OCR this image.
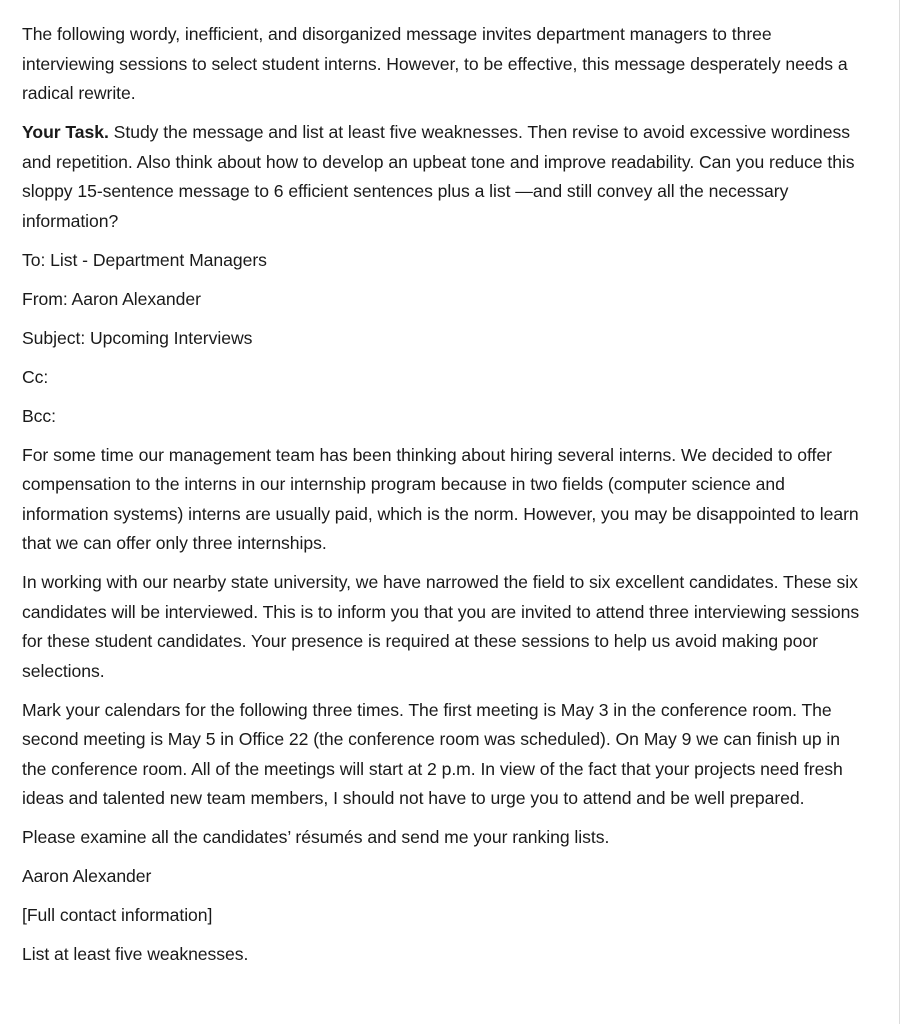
The following wordy, inefficient, and disorganized message invites department managers to three interviewing sessions to select student interns. However, to be effective, this message desperately needs a radical rewrite.

Your Task. Study the message and list at least five weaknesses. Then revise to avoid excessive wordiness and repetition. Also think about how to develop an upbeat tone and improve readability. Can you reduce this sloppy 15-sentence message to 6 efficient sentences plus a list —and still convey all the necessary information?

To: List - Department Managers

From: Aaron Alexander

Subject: Upcoming Interviews

Cc:

Bcc:

For some time our management team has been thinking about hiring several interns. We decided to offer compensation to the interns in our internship program because in two fields (computer science and information systems) interns are usually paid, which is the norm. However, you may be disappointed to learn that we can offer only three internships.

In working with our nearby state university, we have narrowed the field to six excellent candidates. These six candidates will be interviewed. This is to inform you that you are invited to attend three interviewing sessions for these student candidates. Your presence is required at these sessions to help us avoid making poor selections.

Mark your calendars for the following three times. The first meeting is May 3 in the conference room. The second meeting is May 5 in Office 22 (the conference room was scheduled). On May 9 we can finish up in the conference room. All of the meetings will start at 2 p.m. In view of the fact that your projects need fresh ideas and talented new team members, I should not have to urge you to attend and be well prepared.

Please examine all the candidates’ résumés and send me your ranking lists.

Aaron Alexander

[Full contact information]

List at least five weaknesses.
